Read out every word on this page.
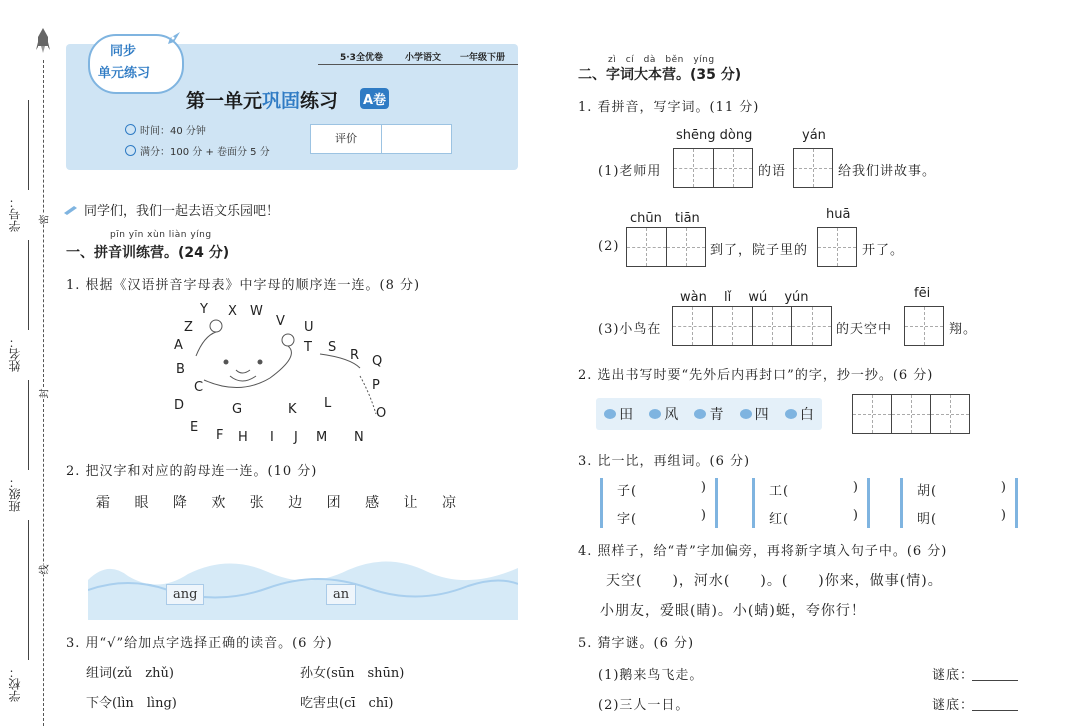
学号：
姓名：
班级：
学校：
密
封
线
同步
单元练习
5·3全优卷 小学语文 一年级下册
第一单元巩固练习 A卷
时间：40 分钟
满分：100 分 + 卷面分 5 分
评价
同学们，我们一起去语文乐园吧！
pīn yīn xùn liàn yíng
一、拼音训练营。(24 分)
1. 根据《汉语拼音字母表》中字母的顺序连一连。(8 分)
Y X W
Z	V U
A	T S
R Q
B
P
C
D	G	K L
O
E
F H I J M N
2. 把汉字和对应的韵母连一连。(10 分)
霜 眼 降 欢 张 边 团 感 让 凉
ang	an
3. 用“√”给加点字选择正确的读音。(6 分)
组词(zǔ　zhǔ)	孙女(sūn　shūn)
下令(lìn　lìng)	吃害虫(cī　chī)
zì　cí　dà　běn　yíng
二、字词大本营。(35 分)
1. 看拼音，写字词。(11 分)
shēng dòng	yán
(1)老师用	的语	给我们讲故事。
chūn　tiān	huā
(2)	到了，院子里的	开了。
wàn　 lǐ　 wú　 yún	fēi
(3)小鸟在	的天空中	翔。
2. 选出书写时要“先外后内再封口”的字，抄一抄。(6 分)
田	风	青	四	白
3. 比一比，再组词。(6 分)
子(	)
字(	)
工(	)
红(	)
胡(	)
明(	)
4. 照样子，给“青”字加偏旁，再将新字填入句子中。(6 分)
天空(　　)，河水(　　)。(　　)你来，做事(情)。
小朋友，爱眼(睛)。小(蜻)蜓，夸你行！
5. 猜字谜。(6 分)
(1)鹅来鸟飞走。	谜底：
(2)三人一日。	谜底：
